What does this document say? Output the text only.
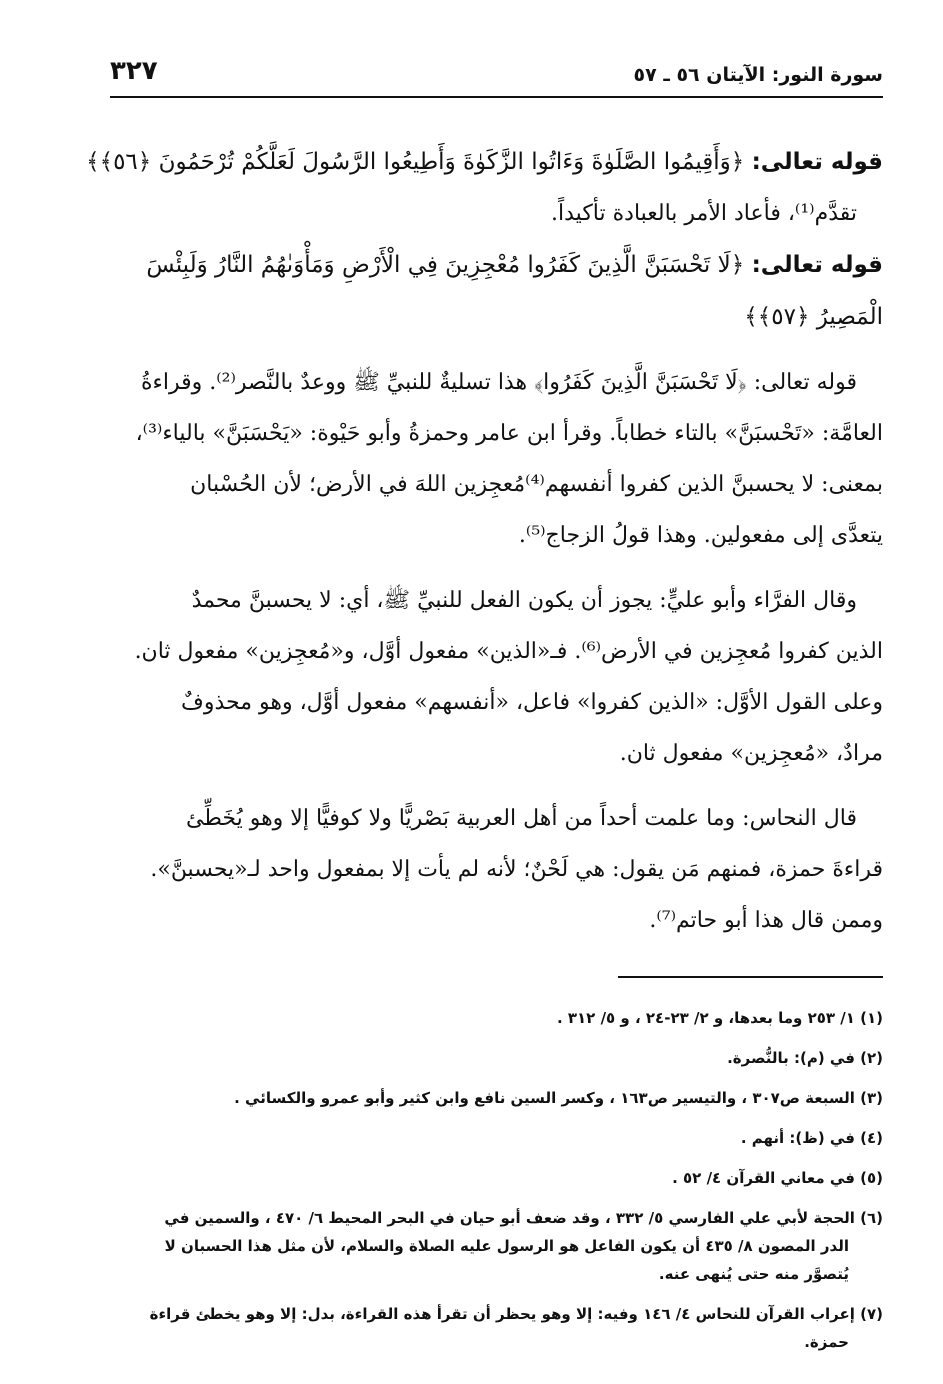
سورة النور: الآيتان ٥٦ ـ ٥٧
٣٢٧
قوله تعالى: ﴿وَأَقِيمُوا الصَّلَوٰةَ وَءَاتُوا الزَّكَوٰةَ وَأَطِيعُوا الرَّسُولَ لَعَلَّكُمْ تُرْحَمُونَ ﴿٥٦﴾﴾
تقدَّم⁽¹⁾، فأعاد الأمر بالعبادة تأكيداً.
قوله تعالى: ﴿لَا تَحْسَبَنَّ الَّذِينَ كَفَرُوا مُعْجِزِينَ فِي الْأَرْضِ وَمَأْوَىٰهُمُ النَّارُ وَلَبِئْسَ
الْمَصِيرُ ﴿٥٧﴾﴾
قوله تعالى: ﴿لَا تَحْسَبَنَّ الَّذِينَ كَفَرُوا﴾ هذا تسليةٌ للنبيِّ ﷺ ووعدٌ بالنَّصر⁽²⁾. وقراءةُ
العامَّة: «تَحْسبَنَّ» بالتاء خطاباً. وقرأ ابن عامر وحمزةُ وأبو حَيْوة: «يَحْسَبَنَّ» بالياء⁽³⁾،
بمعنى: لا يحسبنَّ الذين كفروا أنفسهم⁽⁴⁾مُعجِزين اللهَ في الأرض؛ لأن الحُسْبان
يتعدَّى إلى مفعولين. وهذا قولُ الزجاج⁽⁵⁾.
وقال الفرَّاء وأبو عليٍّ: يجوز أن يكون الفعل للنبيِّ ﷺ، أي: لا يحسبنَّ محمدٌ
الذين كفروا مُعجِزين في الأرض⁽⁶⁾. فـ«الذين» مفعول أوَّل، و«مُعجِزين» مفعول ثان.
وعلى القول الأوَّل: «الذين كفروا» فاعل، «أنفسهم» مفعول أوَّل، وهو محذوفٌ
مرادٌ، «مُعجِزين» مفعول ثان.
قال النحاس: وما علمت أحداً من أهل العربية بَصْريًّا ولا كوفيًّا إلا وهو يُخَطِّئ
قراءةَ حمزة، فمنهم مَن يقول: هي لَحْنٌ؛ لأنه لم يأت إلا بمفعول واحد لـ«يحسبنَّ».
وممن قال هذا أبو حاتم⁽⁷⁾.
(١) ١/ ٢٥٣ وما بعدها، و ٢/ ٢٣-٢٤ ، و ٥/ ٣١٢ .
(٢) في (م): بالنُّصرة.
(٣) السبعة ص٣٠٧ ، والتيسير ص١٦٣ ، وكسر السين نافع وابن كثير وأبو عمرو والكسائي .
(٤) في (ظ): أنهم .
(٥) في معاني القرآن ٤/ ٥٢ .
(٦) الحجة لأبي علي الفارسي ٥/ ٣٣٢ ، وقد ضعف أبو حيان في البحر المحيط ٦/ ٤٧٠ ، والسمين في
الدر المصون ٨/ ٤٣٥ أن يكون الفاعل هو الرسول عليه الصلاة والسلام، لأن مثل هذا الحسبان لا
يُتصوَّر منه حتى يُنهى عنه.
(٧) إعراب القرآن للنحاس ٤/ ١٤٦ وفيه: إلا وهو يحظر أن تقرأ هذه القراءة، بدل: إلا وهو يخطئ قراءة
حمزة.
